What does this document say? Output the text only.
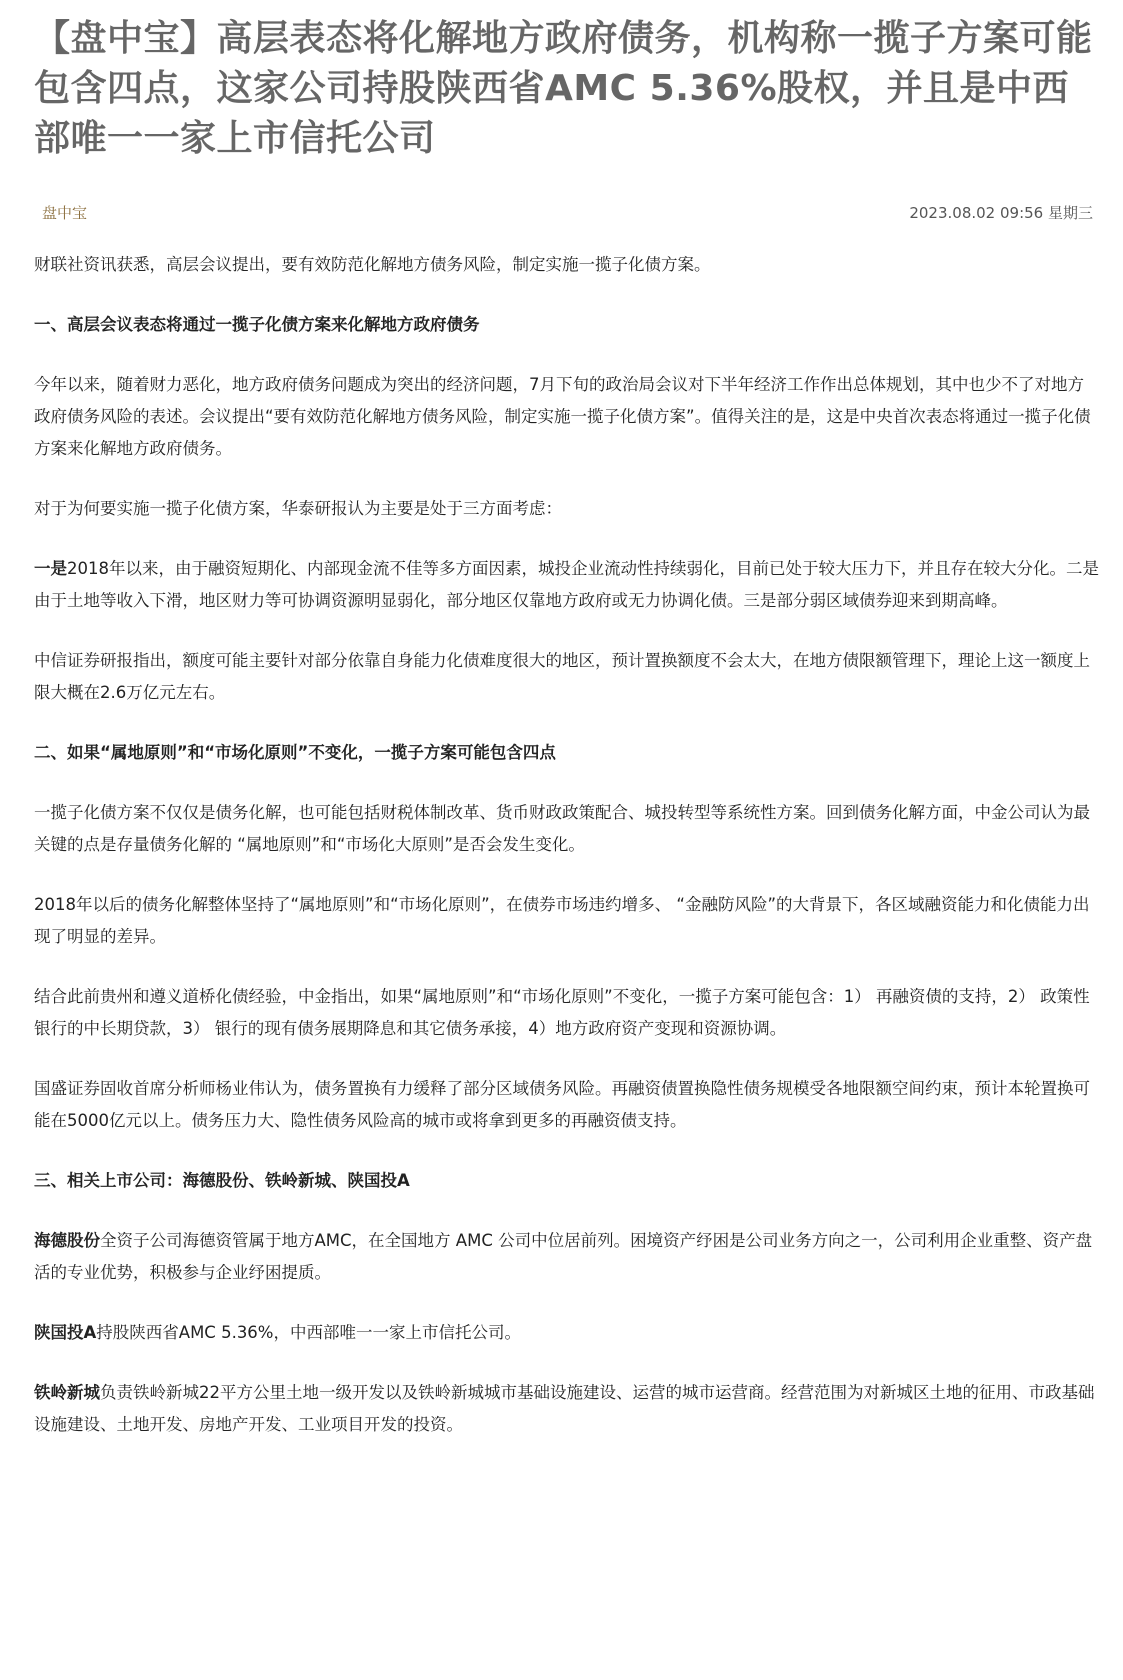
【盘中宝】高层表态将化解地方政府债务，机构称一揽子方案可能包含四点，这家公司持股陕西省AMC 5.36%股权，并且是中西部唯一一家上市信托公司
盘中宝	2023.08.02 09:56 星期三

财联社资讯获悉，高层会议提出，要有效防范化解地方债务风险，制定实施一揽子化债方案。

一、高层会议表态将通过一揽子化债方案来化解地方政府债务

今年以来，随着财力恶化，地方政府债务问题成为突出的经济问题，7月下旬的政治局会议对下半年经济工作作出总体规划，其中也少不了对地方政府债务风险的表述。会议提出“要有效防范化解地方债务风险，制定实施一揽子化债方案”。值得关注的是，这是中央首次表态将通过一揽子化债方案来化解地方政府债务。

对于为何要实施一揽子化债方案，华泰研报认为主要是处于三方面考虑：

一是2018年以来，由于融资短期化、内部现金流不佳等多方面因素，城投企业流动性持续弱化，目前已处于较大压力下，并且存在较大分化。二是由于土地等收入下滑，地区财力等可协调资源明显弱化，部分地区仅靠地方政府或无力协调化债。三是部分弱区域债券迎来到期高峰。

中信证券研报指出，额度可能主要针对部分依靠自身能力化债难度很大的地区，预计置换额度不会太大，在地方债限额管理下，理论上这一额度上限大概在2.6万亿元左右。

二、如果“属地原则”和“市场化原则”不变化，一揽子方案可能包含四点

一揽子化债方案不仅仅是债务化解，也可能包括财税体制改革、货币财政政策配合、城投转型等系统性方案。回到债务化解方面，中金公司认为最关键的点是存量债务化解的 “属地原则”和“市场化大原则”是否会发生变化。

2018年以后的债务化解整体坚持了“属地原则”和“市场化原则”，在债券市场违约增多、 “金融防风险”的大背景下，各区域融资能力和化债能力出现了明显的差异。

结合此前贵州和遵义道桥化债经验，中金指出，如果“属地原则”和“市场化原则”不变化，一揽子方案可能包含：1） 再融资债的支持，2） 政策性银行的中长期贷款，3） 银行的现有债务展期降息和其它债务承接，4）地方政府资产变现和资源协调。

国盛证券固收首席分析师杨业伟认为，债务置换有力缓释了部分区域债务风险。再融资债置换隐性债务规模受各地限额空间约束，预计本轮置换可能在5000亿元以上。债务压力大、隐性债务风险高的城市或将拿到更多的再融资债支持。

三、相关上市公司：海德股份、铁岭新城、陕国投A

海德股份全资子公司海德资管属于地方AMC，在全国地方 AMC 公司中位居前列。困境资产纾困是公司业务方向之一，公司利用企业重整、资产盘活的专业优势，积极参与企业纾困提质。

陕国投A持股陕西省AMC 5.36%，中西部唯一一家上市信托公司。

铁岭新城负责铁岭新城22平方公里土地一级开发以及铁岭新城城市基础设施建设、运营的城市运营商。经营范围为对新城区土地的征用、市政基础设施建设、土地开发、房地产开发、工业项目开发的投资。
